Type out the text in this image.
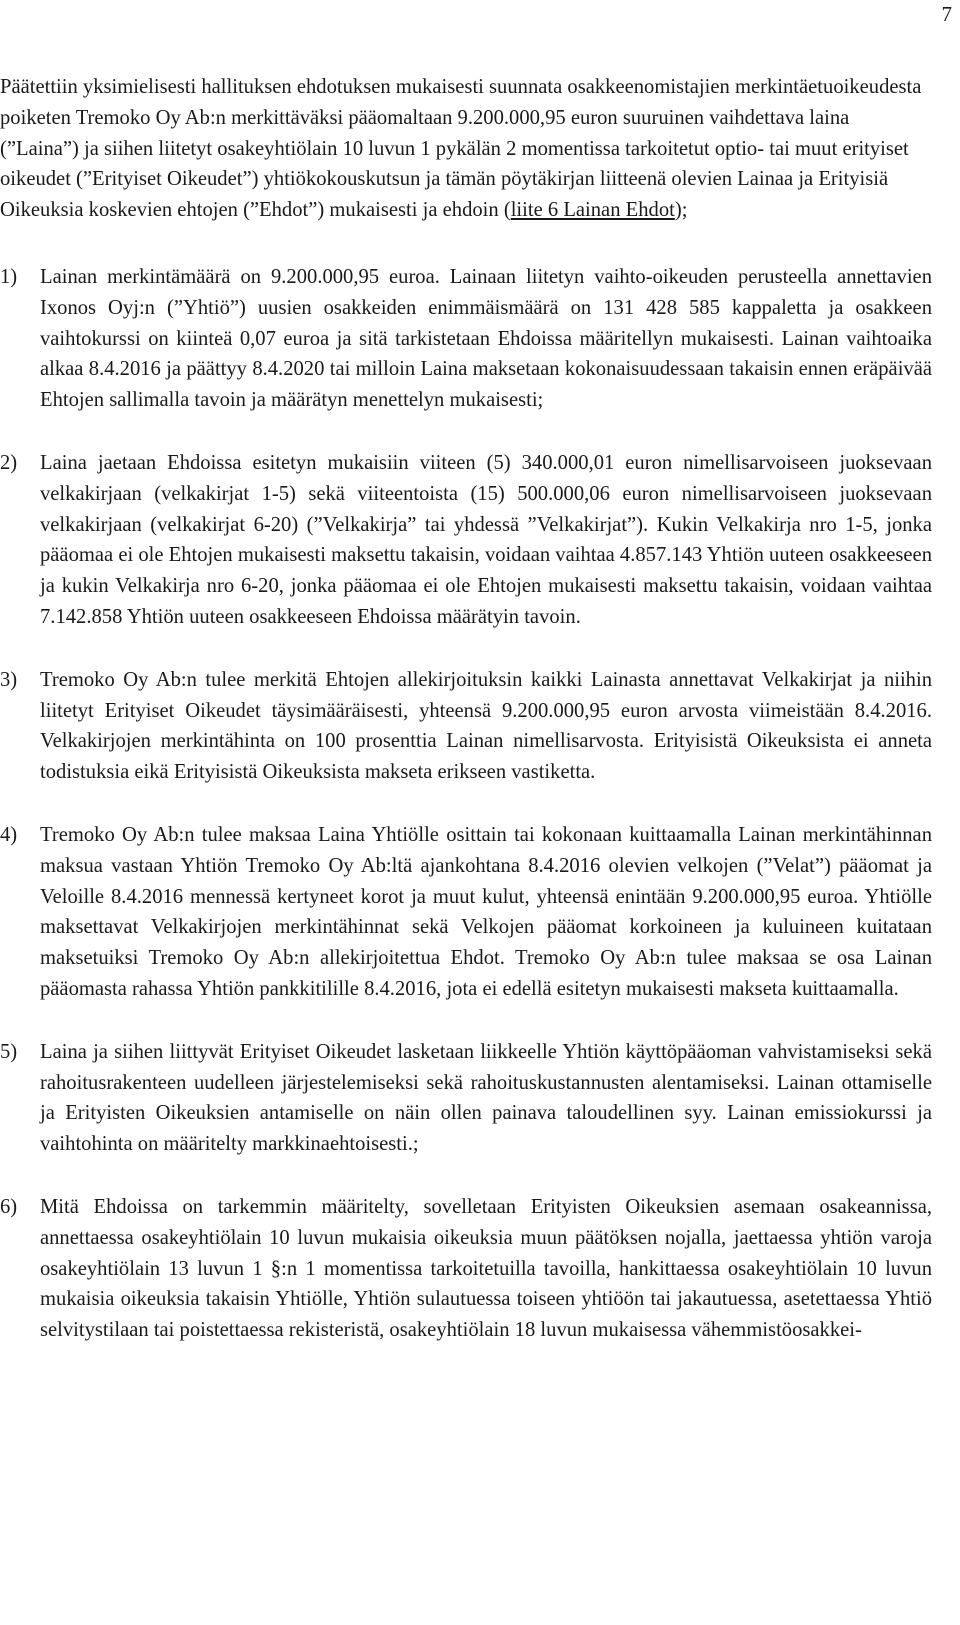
7

Päätettiin yksimielisesti hallituksen ehdotuksen mukaisesti suunnata osakkeenomistajien merkintäetuoikeudesta poiketen Tremoko Oy Ab:n merkittäväksi pääomaltaan 9.200.000,95 euron suuruinen vaihdettava laina (”Laina”) ja siihen liitetyt osakeyhtiölain 10 luvun 1 pykälän 2 momentissa tarkoitetut optio- tai muut erityiset oikeudet (”Erityiset Oikeudet”) yhtiökokouskutsun ja tämän pöytäkirjan liitteenä olevien Lainaa ja Erityisiä Oikeuksia koskevien ehtojen (”Ehdot”) mukaisesti ja ehdoin (liite 6 Lainan Ehdot);

1)	Lainan merkintämäärä on 9.200.000,95 euroa. Lainaan liitetyn vaihto-oikeuden perusteella annettavien Ixonos Oyj:n (”Yhtiö”) uusien osakkeiden enimmäismäärä on 131 428 585 kappaletta ja osakkeen vaihtokurssi on kiinteä 0,07 euroa ja sitä tarkistetaan Ehdoissa määritellyn mukaisesti. Lainan vaihtoaika alkaa 8.4.2016 ja päättyy 8.4.2020 tai milloin Laina maksetaan kokonaisuudessaan takaisin ennen eräpäivää Ehtojen sallimalla tavoin ja määrätyn menettelyn mukaisesti;
2)	Laina jaetaan Ehdoissa esitetyn mukaisiin viiteen (5) 340.000,01 euron nimellisarvoiseen juoksevaan velkakirjaan (velkakirjat 1-5) sekä viiteentoista (15) 500.000,06 euron nimellisarvoiseen juoksevaan velkakirjaan (velkakirjat 6-20) (”Velkakirja” tai yhdessä ”Velkakirjat”). Kukin Velkakirja nro 1-5, jonka pääomaa ei ole Ehtojen mukaisesti maksettu takaisin, voidaan vaihtaa 4.857.143 Yhtiön uuteen osakkeeseen ja kukin Velkakirja nro 6-20, jonka pääomaa ei ole Ehtojen mukaisesti maksettu takaisin, voidaan vaihtaa 7.142.858 Yhtiön uuteen osakkeeseen Ehdoissa määrätyin tavoin.
3)	Tremoko Oy Ab:n tulee merkitä Ehtojen allekirjoituksin kaikki Lainasta annettavat Velkakirjat ja niihin liitetyt Erityiset Oikeudet täysimääräisesti, yhteensä 9.200.000,95 euron arvosta viimeistään 8.4.2016. Velkakirjojen merkintähinta on 100 prosenttia Lainan nimellisarvosta. Erityisistä Oikeuksista ei anneta todistuksia eikä Erityisistä Oikeuksista makseta erikseen vastiketta.
4)	Tremoko Oy Ab:n tulee maksaa Laina Yhtiölle osittain tai kokonaan kuittaamalla Lainan merkintähinnan maksua vastaan Yhtiön Tremoko Oy Ab:ltä ajankohtana 8.4.2016 olevien velkojen (”Velat”) pääomat ja Veloille 8.4.2016 mennessä kertyneet korot ja muut kulut, yhteensä enintään 9.200.000,95 euroa. Yhtiölle maksettavat Velkakirjojen merkintähinnat sekä Velkojen pääomat korkoineen ja kuluineen kuitataan maksetuiksi Tremoko Oy Ab:n allekirjoitettua Ehdot. Tremoko Oy Ab:n tulee maksaa se osa Lainan pääomasta rahassa Yhtiön pankkitilille 8.4.2016, jota ei edellä esitetyn mukaisesti makseta kuittaamalla.
5)	Laina ja siihen liittyvät Erityiset Oikeudet lasketaan liikkeelle Yhtiön käyttöpääoman vahvistamiseksi sekä rahoitusrakenteen uudelleen järjestelemiseksi sekä rahoituskustannusten alentamiseksi. Lainan ottamiselle ja Erityisten Oikeuksien antamiselle on näin ollen painava taloudellinen syy. Lainan emissiokurssi ja vaihtohinta on määritelty markkinaehtoisesti.;
6)	Mitä Ehdoissa on tarkemmin määritelty, sovelletaan Erityisten Oikeuksien asemaan osakeannissa, annettaessa osakeyhtiölain 10 luvun mukaisia oikeuksia muun päätöksen nojalla, jaettaessa yhtiön varoja osakeyhtiölain 13 luvun 1 §:n 1 momentissa tarkoitetuilla tavoilla, hankittaessa osakeyhtiölain 10 luvun mukaisia oikeuksia takaisin Yhtiölle, Yhtiön sulautuessa toiseen yhtiöön tai jakautuessa, asetettaessa Yhtiö selvitystilaan tai poistettaessa rekisteristä, osakeyhtiölain 18 luvun mukaisessa vähemmistöosakkei-
